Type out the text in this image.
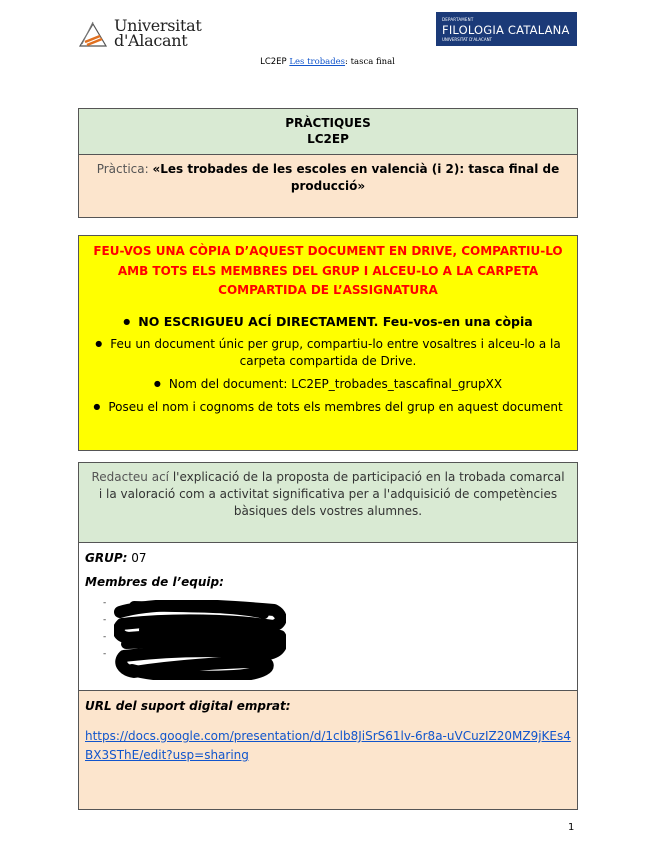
Universitat
d'Alacant
DEPARTAMENT
FILOLOGIA CATALANA
UNIVERSITAT D'ALACANT
LC2EP Les trobades: tasca final
PRÀCTIQUES
LC2EP
Pràctica: «Les trobades de les escoles en valencià (i 2): tasca final de producció»
FEU-VOS UNA CÒPIA D’AQUEST DOCUMENT EN DRIVE, COMPARTIU-LO AMB TOTS ELS MEMBRES DEL GRUP I ALCEU-LO A LA CARPETA COMPARTIDA DE L’ASSIGNATURA
● NO ESCRIGUEU ACÍ DIRECTAMENT. Feu-vos-en una còpia
● Feu un document únic per grup, compartiu-lo entre vosaltres i alceu-lo a la carpeta compartida de Drive.
● Nom del document: LC2EP_trobades_tascafinal_grupXX
● Poseu el nom i cognoms de tots els membres del grup en aquest document
Redacteu ací l'explicació de la proposta de participació en la trobada comarcal i la valoració com a activitat significativa per a l'adquisició de competències bàsiques dels vostres alumnes.
GRUP: 07
Membres de l’equip:
-
-
-
-
URL del suport digital emprat:
https://docs.google.com/presentation/d/1clb8JiSrS61lv-6r8a-uVCuzIZ20MZ9jKEs4BX3SThE/edit?usp=sharing
1
